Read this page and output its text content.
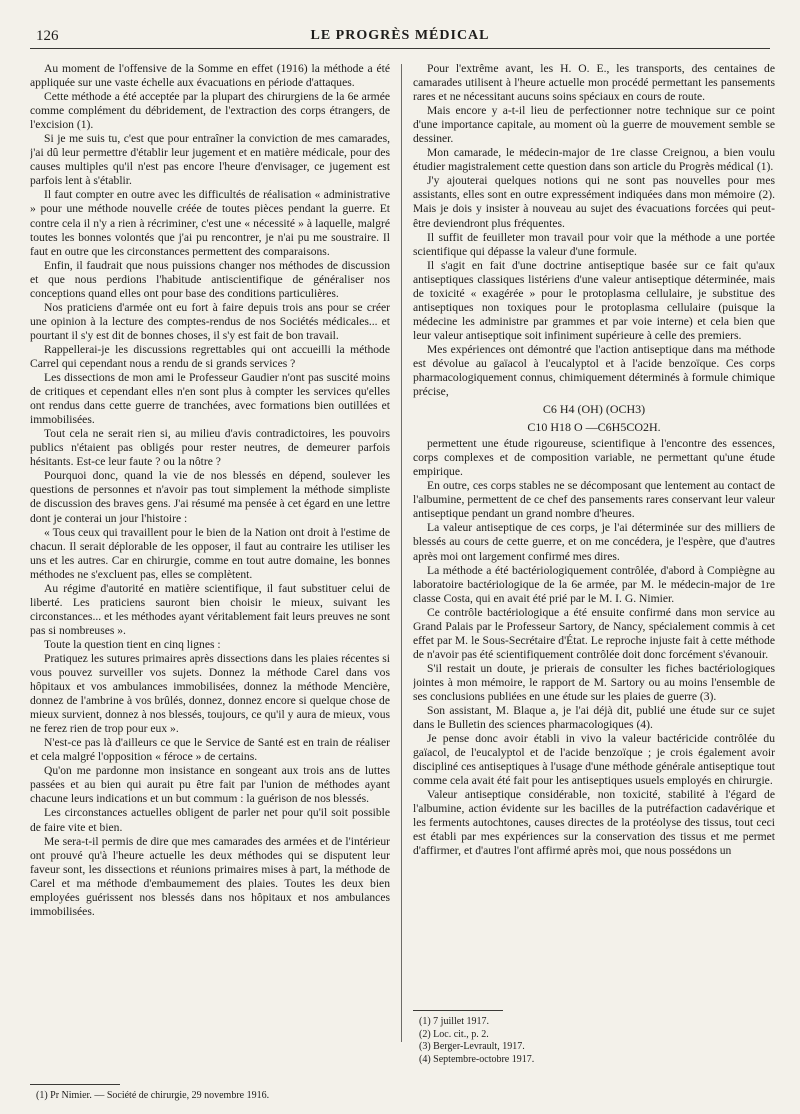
126	LE PROGRÈS MÉDICAL

Au moment de l'offensive de la Somme en effet (1916) la méthode a été appliquée sur une vaste échelle aux évacuations en période d'attaques.

Cette méthode a été acceptée par la plupart des chirurgiens de la 6e armée comme complément du débridement, de l'extraction des corps étrangers, de l'excision (1).

Si je me suis tu, c'est que pour entraîner la conviction de mes camarades, j'ai dû leur permettre d'établir leur jugement et en matière médicale, pour des causes multiples qu'il n'est pas encore l'heure d'envisager, ce jugement est parfois lent à s'établir.

Il faut compter en outre avec les difficultés de réalisation « administrative » pour une méthode nouvelle créée de toutes pièces pendant la guerre. Et contre cela il n'y a rien à récriminer, c'est une « nécessité » à laquelle, malgré toutes les bonnes volontés que j'ai pu rencontrer, je n'ai pu me soustraire. Il faut en outre que les circonstances permettent des comparaisons.

Enfin, il faudrait que nous puissions changer nos méthodes de discussion et que nous perdions l'habitude antiscientifique de généraliser nos conceptions quand elles ont pour base des conditions particulières.

Nos praticiens d'armée ont eu fort à faire depuis trois ans pour se créer une opinion à la lecture des comptes-rendus de nos Sociétés médicales... et pourtant il s'y est dit de bonnes choses, il s'y est fait de bon travail.

Rappellerai-je les discussions regrettables qui ont accueilli la méthode Carrel qui cependant nous a rendu de si grands services ?

Les dissections de mon ami le Professeur Gaudier n'ont pas suscité moins de critiques et cependant elles n'en sont plus à compter les services qu'elles ont rendus dans cette guerre de tranchées, avec formations bien outillées et immobilisées.

Tout cela ne serait rien si, au milieu d'avis contradictoires, les pouvoirs publics n'étaient pas obligés pour rester neutres, de demeurer parfois hésitants. Est-ce leur faute ? ou la nôtre ?

Pourquoi donc, quand la vie de nos blessés en dépend, soulever les questions de personnes et n'avoir pas tout simplement la méthode simpliste de discussion des braves gens. J'ai résumé ma pensée à cet égard en une lettre dont je conterai un jour l'histoire :

« Tous ceux qui travaillent pour le bien de la Nation ont droit à l'estime de chacun. Il serait déplorable de les opposer, il faut au contraire les utiliser les uns et les autres. Car en chirurgie, comme en tout autre domaine, les bonnes méthodes ne s'excluent pas, elles se complètent.

Au régime d'autorité en matière scientifique, il faut substituer celui de liberté. Les praticiens sauront bien choisir le mieux, suivant les circonstances... et les méthodes ayant véritablement fait leurs preuves ne sont pas si nombreuses ».

Toute la question tient en cinq lignes :

Pratiquez les sutures primaires après dissections dans les plaies récentes si vous pouvez surveiller vos sujets. Donnez la méthode Carel dans vos hôpitaux et vos ambulances immobilisées, donnez la méthode Mencière, donnez de l'ambrine à vos brûlés, donnez, donnez encore si quelque chose de mieux survient, donnez à nos blessés, toujours, ce qu'il y aura de mieux, vous ne ferez rien de trop pour eux ».

N'est-ce pas là d'ailleurs ce que le Service de Santé est en train de réaliser et cela malgré l'opposition « féroce » de certains.

Qu'on me pardonne mon insistance en songeant aux trois ans de luttes passées et au bien qui aurait pu être fait par l'union de méthodes ayant chacune leurs indications et un but commum : la guérison de nos blessés.

Les circonstances actuelles obligent de parler net pour qu'il soit possible de faire vite et bien.

Me sera-t-il permis de dire que mes camarades des armées et de l'intérieur ont prouvé qu'à l'heure actuelle les deux méthodes qui se disputent leur faveur sont, les dissections et réunions primaires mises à part, la méthode de Carel et ma méthode d'embaumement des plaies. Toutes les deux bien employées guérissent nos blessés dans nos hôpitaux et nos ambulances immobilisées.

(1) Pr Nimier. — Société de chirurgie, 29 novembre 1916.

Pour l'extrême avant, les H. O. E., les transports, des centaines de camarades utilisent à l'heure actuelle mon procédé permettant les pansements rares et ne nécessitant aucuns soins spéciaux en cours de route.

Mais encore y a-t-il lieu de perfectionner notre technique sur ce point d'une importance capitale, au moment où la guerre de mouvement semble se dessiner.

Mon camarade, le médecin-major de 1re classe Creignou, a bien voulu étudier magistralement cette question dans son article du Progrès médical (1).

J'y ajouterai quelques notions qui ne sont pas nouvelles pour mes assistants, elles sont en outre expressément indiquées dans mon mémoire (2). Mais je dois y insister à nouveau au sujet des évacuations forcées qui peut-être deviendront plus fréquentes.

Il suffit de feuilleter mon travail pour voir que la méthode a une portée scientifique qui dépasse la valeur d'une formule.

Il s'agit en fait d'une doctrine antiseptique basée sur ce fait qu'aux antiseptiques classiques listériens d'une valeur antiseptique déterminée, mais de toxicité « exagérée » pour le protoplasma cellulaire, je substitue des antiseptiques non toxiques pour le protoplasma cellulaire (puisque la médecine les administre par grammes et par voie interne) et cela bien que leur valeur antiseptique soit infiniment supérieure à celle des premiers.

Mes expériences ont démontré que l'action antiseptique dans ma méthode est dévolue au gaïacol à l'eucalyptol et à l'acide benzoïque. Ces corps pharmacologiquement connus, chimiquement déterminés à formule chimique précise,

C6 H4 (OH) (OCH3)
C10 H18 O —C6H5CO2H.

permettent une étude rigoureuse, scientifique à l'encontre des essences, corps complexes et de composition variable, ne permettant qu'une étude empirique.

En outre, ces corps stables ne se décomposant que lentement au contact de l'albumine, permettent de ce chef des pansements rares conservant leur valeur antiseptique pendant un grand nombre d'heures.

La valeur antiseptique de ces corps, je l'ai déterminée sur des milliers de blessés au cours de cette guerre, et on me concédera, je l'espère, que d'autres après moi ont largement confirmé mes dires.

La méthode a été bactériologiquement contrôlée, d'abord à Compiègne au laboratoire bactériologique de la 6e armée, par M. le médecin-major de 1re classe Costa, qui en avait été prié par le M. I. G. Nimier.

Ce contrôle bactériologique a été ensuite confirmé dans mon service au Grand Palais par le Professeur Sartory, de Nancy, spécialement commis à cet effet par M. le Sous-Secrétaire d'État. Le reproche injuste fait à cette méthode de n'avoir pas été scientifiquement contrôlée doit donc forcément s'évanouir.

S'il restait un doute, je prierais de consulter les fiches bactériologiques jointes à mon mémoire, le rapport de M. Sartory ou au moins l'ensemble de ses conclusions publiées en une étude sur les plaies de guerre (3).

Son assistant, M. Blaque a, je l'ai déjà dit, publié une étude sur ce sujet dans le Bulletin des sciences pharmacologiques (4).

Je pense donc avoir établi in vivo la valeur bactéricide contrôlée du gaïacol, de l'eucalyptol et de l'acide benzoïque ; je crois également avoir discipliné ces antiseptiques à l'usage d'une méthode générale antiseptique tout comme cela avait été fait pour les antiseptiques usuels employés en chirurgie.

Valeur antiseptique considérable, non toxicité, stabilité à l'égard de l'albumine, action évidente sur les bacilles de la putréfaction cadavérique et les ferments autochtones, causes directes de la protéolyse des tissus, tout ceci est établi par mes expériences sur la conservation des tissus et me permet d'affirmer, et d'autres l'ont affirmé après moi, que nous possédons un

(1) 7 juillet 1917.
(2) Loc. cit., p. 2.
(3) Berger-Levrault, 1917.
(4) Septembre-octobre 1917.
